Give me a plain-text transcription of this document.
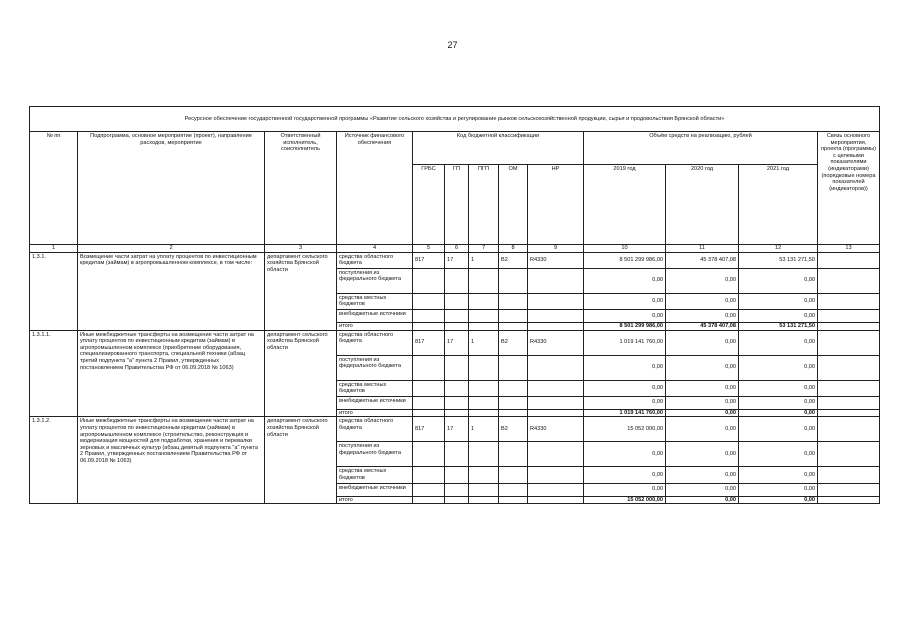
27
Ресурсное обеспечение государственной государственной программы «Развитие сельского хозяйства и регулирование рынков сельскохозяйственной продукции, сырья и продовольствия Брянской области»												
№ пп	Подпрограмма, основное мероприятие (проект), направление расходов, мероприятие	Ответственный исполнитель, соисполнитель	Источник финансового обеспечения	Код бюджетной классификации					Объём средств на реализацию, рублей			Связь основного мероприятия, проекта (программы) с целевыми показателями (индикаторами) (порядковые номера показателей (индикаторов))
				ГРБС	ГП	ПГП	ОМ	НР	2019 год	2020 год	2021 год	
1	2	3	4	5	6	7	8	9	10	11	12	13
1.3.1.	Возмещение части затрат на уплату процентов по инвестиционным кредитам (займам) в агропромышленном комплексе, в том числе:	департамент сельского хозяйства Брянской области	средства областного бюджета	817	17	1	В2	R4330	8 501 299 986,00	45 378 407,08	53 131 271,50	
			поступления из федерального бюджета						0,00	0,00	0,00	
			средства местных бюджетов						0,00	0,00	0,00	
			внебюджетные источники						0,00	0,00	0,00	
			итого						8 501 299 986,00	45 378 407,08	53 131 271,50	
1.3.1.1.	Иные межбюджетные трансферты на возмещение части затрат на уплату процентов по инвестиционным кредитам (займам) в агропромышленном комплексе (приобретение оборудования, специализированного транспорта, специальной техники (абзац третий подпункта "а" пункта 2 Правил, утвержденных постановлением Правительства РФ от 06.09.2018 № 1063)	департамент сельского хозяйства Брянской области	средства областного бюджета	817	17	1	В2	R4330	1 019 141 760,00	0,00	0,00	
			поступления из федерального бюджета						0,00	0,00	0,00	
			средства местных бюджетов						0,00	0,00	0,00	
			внебюджетные источники						0,00	0,00	0,00	
			итого						1 019 141 760,00	0,00	0,00	
1.3.1.2.	Иные межбюджетные трансферты на возмещение части затрат на уплату процентов по инвестиционным кредитам (займам) в агропромышленном комплексе (строительство, реконструкция и модернизация мощностей для подработки, хранения и перевалки зерновых и масличных культур (абзац девятый подпункта "а" пункта 2 Правил, утвержденных постановлением Правительства РФ от 06.09.2018 № 1063)	департамент сельского хозяйства Брянской области	средства областного бюджета	817	17	1	В2	R4330	15 052 000,00	0,00	0,00	
			поступления из федерального бюджета						0,00	0,00	0,00	
			средства местных бюджетов						0,00	0,00	0,00	
			внебюджетные источники						0,00	0,00	0,00	
			итого						15 052 000,00	0,00	0,00	
